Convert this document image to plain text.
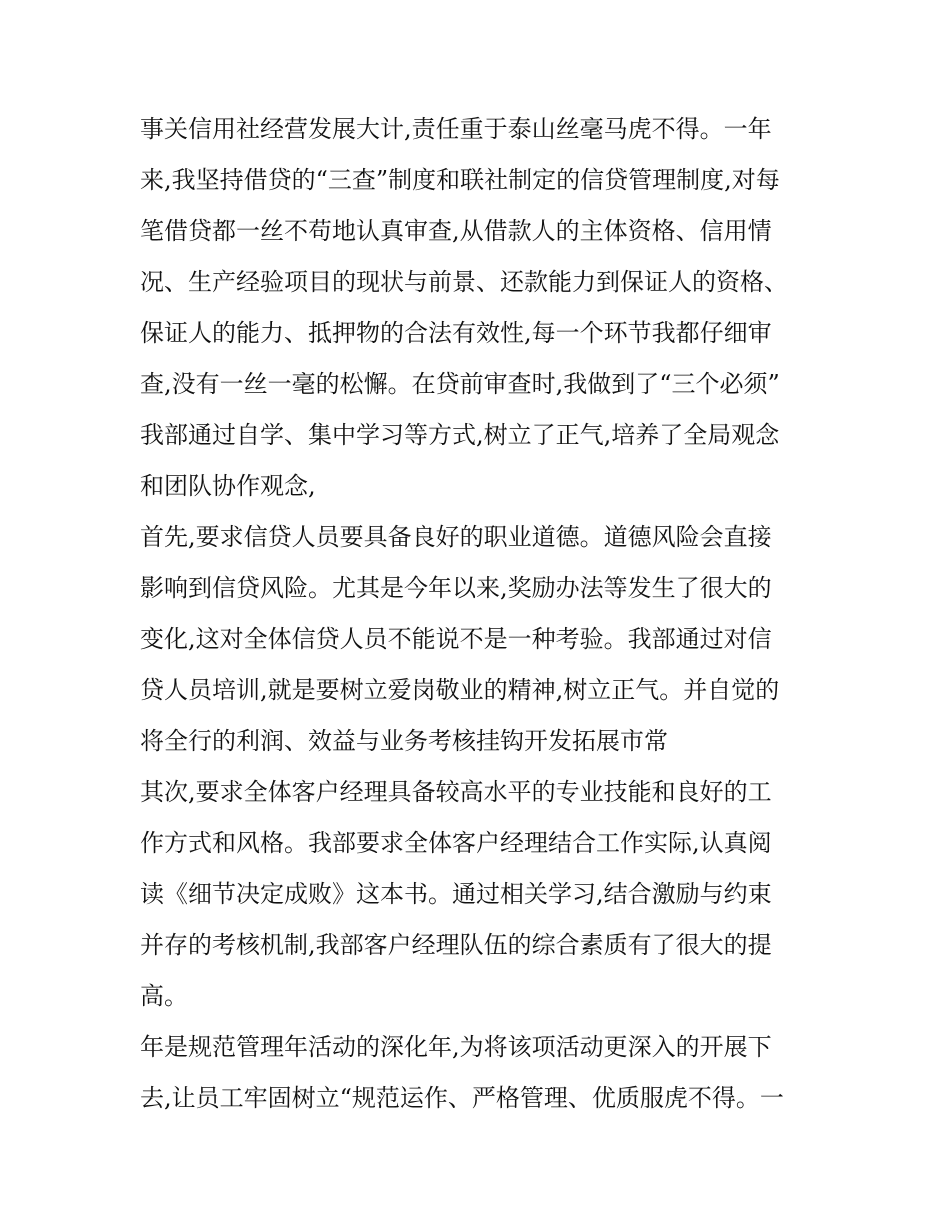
事关信用社经营发展大计,责任重于泰山丝毫马虎不得。一年
来,我坚持借贷的“三查”制度和联社制定的信贷管理制度,对每
笔借贷都一丝不苟地认真审查,从借款人的主体资格、信用情
况、生产经验项目的现状与前景、还款能力到保证人的资格、
保证人的能力、抵押物的合法有效性,每一个环节我都仔细审
查,没有一丝一毫的松懈。在贷前审查时,我做到了“三个必须”
我部通过自学、集中学习等方式,树立了正气,培养了全局观念
和团队协作观念,
首先,要求信贷人员要具备良好的职业道德。道德风险会直接
影响到信贷风险。尤其是今年以来,奖励办法等发生了很大的
变化,这对全体信贷人员不能说不是一种考验。我部通过对信
贷人员培训,就是要树立爱岗敬业的精神,树立正气。并自觉的
将全行的利润、效益与业务考核挂钩开发拓展市常
其次,要求全体客户经理具备较高水平的专业技能和良好的工
作方式和风格。我部要求全体客户经理结合工作实际,认真阅
读《细节决定成败》这本书。通过相关学习,结合激励与约束
并存的考核机制,我部客户经理队伍的综合素质有了很大的提
高。
年是规范管理年活动的深化年,为将该项活动更深入的开展下
去,让员工牢固树立“规范运作、严格管理、优质服虎不得。一
